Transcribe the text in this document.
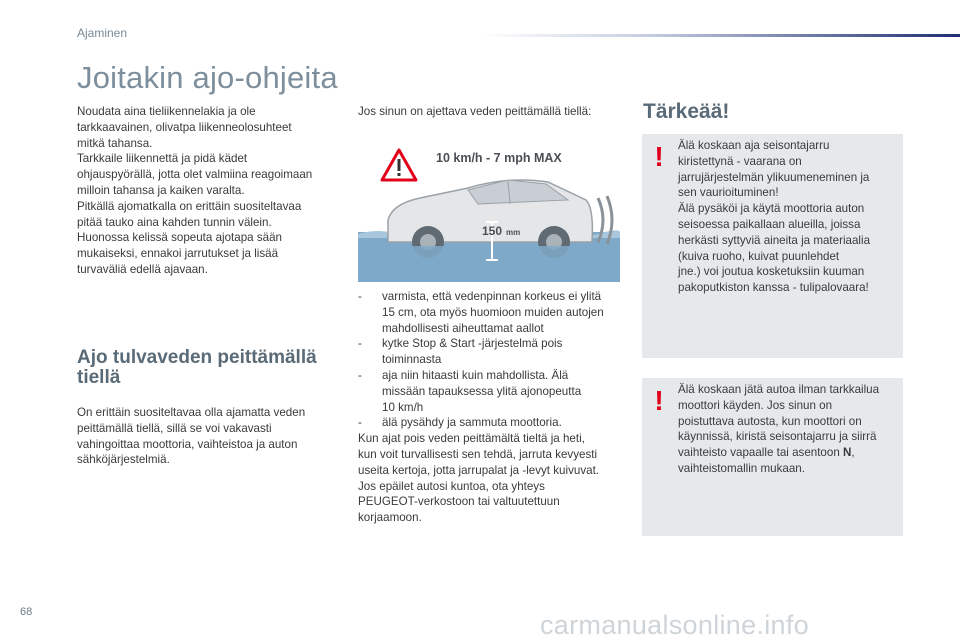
Ajaminen
Joitakin ajo-ohjeita

Noudata aina tieliikennelakia ja ole

tarkkaavainen, olivatpa liikenneolosuhteet

mitkä tahansa.

Tarkkaile liikennettä ja pidä kädet

ohjauspyörällä, jotta olet valmiina reagoimaan

milloin tahansa ja kaiken varalta.

Pitkällä ajomatkalla on erittäin suositeltavaa

pitää tauko aina kahden tunnin välein.

Huonossa kelissä sopeuta ajotapa sään

mukaiseksi, ennakoi jarrutukset ja lisää

turvaväliä edellä ajavaan.

Ajo tulvaveden peittämällä
tiellä

On erittäin suositeltavaa olla ajamatta veden

peittämällä tiellä, sillä se voi vakavasti

vahingoittaa moottoria, vaihteistoa ja auton

sähköjärjestelmiä.

Jos sinun on ajettava veden peittämällä tiellä:

150 mm
10 km/h - 7 mph MAX
- varmista, että vedenpinnan korkeus ei ylitä

15 cm, ota myös huomioon muiden autojen

mahdollisesti aiheuttamat aallot

- kytke Stop & Start -järjestelmä pois

toiminnasta

- aja niin hitaasti kuin mahdollista. Älä

missään tapauksessa ylitä ajonopeutta

10 km/h

- älä pysähdy ja sammuta moottoria.

Kun ajat pois veden peittämältä tieltä ja heti,

kun voit turvallisesti sen tehdä, jarruta kevyesti

useita kertoja, jotta jarrupalat ja -levyt kuivuvat.

Jos epäilet autosi kuntoa, ota yhteys

PEUGEOT-verkostoon tai valtuutettuun

korjaamoon.

Tärkeää!
! Älä koskaan aja seisontajarru

kiristettynä - vaarana on

jarrujärjestelmän ylikuumeneminen ja

sen vaurioituminen!

Älä pysäköi ja käytä moottoria auton

seisoessa paikallaan alueilla, joissa

herkästi syttyviä aineita ja materiaalia

(kuiva ruoho, kuivat puunlehdet

jne.) voi joutua kosketuksiin kuuman

pakoputkiston kanssa - tulipalovaara!

! Älä koskaan jätä autoa ilman tarkkailua

moottori käyden. Jos sinun on

poistuttava autosta, kun moottori on

käynnissä, kiristä seisontajarru ja siirrä

vaihteisto vapaalle tai asentoon N,

vaihteistomallin mukaan.

68	carmanualsonline.info
